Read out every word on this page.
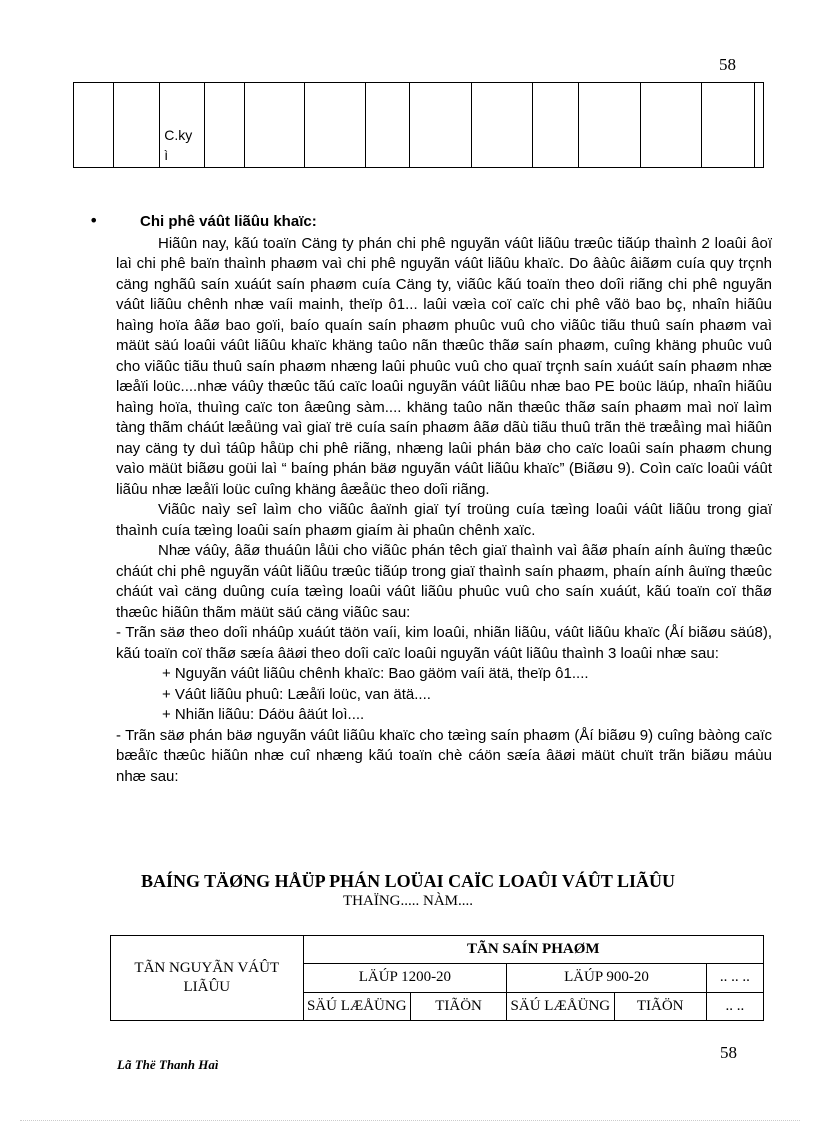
58
		C.ky
ì											
•	Chi phê váût liãûu khaïc:

Hiãûn nay, kãú toaïn Cäng ty phán chi phê nguyãn váût liãûu træûc tiãúp thaình 2 loaûi âoï laì chi phê baïn thaình phaøm vaì chi phê nguyãn váût liãûu khaïc. Do âàûc âiãøm cuía quy trçnh cäng nghãû saín xuáút saín phaøm cuía Cäng ty, viãûc kãú toaïn theo doîi riãng chi phê nguyãn váût liãûu chênh nhæ vaíi mainh, theïp ô1... laûi væìa coï caïc chi phê vãö bao bç, nhaîn hiãûu haìng hoïa âãø bao goïi, baío quaín saín phaøm phuûc vuû cho viãûc tiãu thuû saín phaøm vaì mäüt säú loaûi váût liãûu khaïc khäng taûo nãn thæûc thãø saín phaøm, cuîng khäng phuûc vuû cho viãûc tiãu thuû saín phaøm nhæng laûi phuûc vuû cho quaï trçnh saín xuáút saín phaøm nhæ læåïi loüc....nhæ váûy thæûc tãú caïc loaûi nguyãn váût liãûu nhæ bao PE boüc läúp, nhaîn hiãûu haìng hoïa, thuìng caïc ton âæûng sàm.... khäng taûo nãn thæûc thãø saín phaøm maì noï laìm tàng thãm cháút læåüng vaì giaï trë cuía saín phaøm âãø dãù tiãu thuû trãn thë træåìng maì hiãûn nay cäng ty duì táûp håüp chi phê riãng, nhæng laûi phán bäø cho caïc loaûi saín phaøm chung vaìo mäüt biãøu goüi laì “ baíng phán bäø nguyãn váût liãûu khaïc” (Biãøu 9). Coìn caïc loaûi váût liãûu nhæ læåïi loüc cuîng khäng âæåüc theo doîi riãng.

Viãûc naìy seî laìm cho viãûc âaïnh giaï tyí troüng cuía tæìng loaûi váût liãûu trong giaï thaình cuía tæìng loaûi saín phaøm giaím ài phaûn chênh xaïc.

Nhæ váûy, âãø thuáûn låüi cho viãûc phán têch giaï thaình vaì âãø phaín aính âuïng thæûc cháút chi phê nguyãn váût liãûu træûc tiãúp trong giaï thaình saín phaøm, phaín aính âuïng thæûc cháút vaì cäng duûng cuía tæìng loaûi váût liãûu phuûc vuû cho saín xuáút, kãú toaïn coï thãø thæûc hiãûn thãm mäüt säú cäng viãûc sau:

- Trãn säø theo doîi nháûp xuáút täön vaíi, kim loaûi, nhiãn liãûu, váût liãûu khaïc (Åí biãøu säú8), kãú toaïn coï thãø sæía âäøi theo doîi caïc loaûi nguyãn váût liãûu thaình 3 loaûi nhæ sau:

+ Nguyãn váût liãûu chênh khaïc: Bao gäöm vaíi ätä, theïp ô1....

+ Váût liãûu phuû: Læåïi loüc, van ätä....

+ Nhiãn liãûu: Dáöu âäút loì....

- Trãn säø phán bäø nguyãn váût liãûu khaïc cho tæìng saín phaøm (Åí biãøu 9) cuîng bàòng caïc bæåïc thæûc hiãûn nhæ cuî nhæng kãú toaïn chè cáön sæía âäøi mäüt chuït trãn biãøu máùu nhæ sau:

BAÍNG TÄØNG HÅÜP PHÁN LOÜAI CAÏC LOAÛI VÁÛT LIÃÛU
THAÏNG..... NÀM....
TÃN NGUYÃN VÁÛT LIÃÛU	TÃN SAÍN PHAØM				
	LÄÚP 1200-20		LÄÚP 900-20		.. .. ..
	SÄÚ LÆÅÜNG	TIÃÖN	SÄÚ LÆÅÜNG	TIÃÖN	.. ..
Lã Thë Thanh Haì
58
